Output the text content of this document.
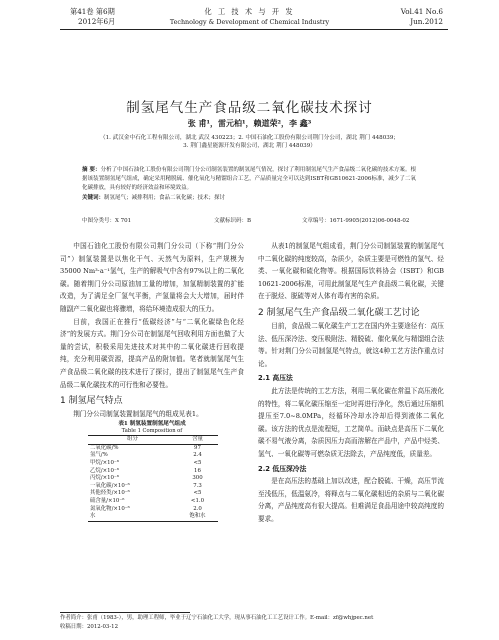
第41卷 第6期
2012年6月
化 工 技 术 与 开 发
Technology & Development of Chemical Industry
Vol.41 No.6
Jun.2012
制氢尾气生产食品级二氧化碳技术探讨
张 甫¹，雷元柏¹，赖道荣²，李 鑫³
（1. 武汉金中石化工程有限公司，湖北 武汉 430223；2. 中国石油化工股份有限公司荆门分公司，湖北 荆门 448039；
3. 荆门鑫星能源开发有限公司，湖北 荆门 448039）
摘 要：分析了中国石油化工股份有限公司荆门分公司制氢装置的制氢尾气情况，探讨了利用制氢尾气生产食品级二氧化碳的技术方案。根据该装置制氢尾气组成，确定采用精脱硫、催化氧化与精馏组合工艺，产品质量完全可以达到ISBT和GB10621-2006标准，减少了二氧化碳排放，具有较好的经济效益和环境效益。
关键词：制氢尾气；减排利用；食品二氧化碳；技术；探讨
中图分类号：X 701	文献标识码：B	文章编号：1671-9905(2012)06-0048-02

中国石油化工股份有限公司荆门分公司（下称“荆门分公司”）制氢装置是以焦化干气、天然气为原料，生产规模为35000 Nm³·a⁻¹氢气，生产的解吸气中含有97%以上的二氧化碳。随着荆门分公司原油加工量的增加，加氢精制装置的扩能改造，为了满足全厂氢气平衡，产氢量将会大大增加，届时伴随副产二氧化碳也将骤增，将给环境造成很大的压力。

目前，我国正在推行“低碳经济”与“二氧化碳绿色化经济”的发展方式。荆门分公司在制氢尾气回收利用方面也做了大量的尝试，积极采用先进技术对其中的二氧化碳进行回收提纯，充分利用碳资源，提高产品的附加值。笔者就制氢尾气生产食品级二氧化碳的技术进行了探讨，提出了制氢尾气生产食品级二氧化碳技术的可行性和必要性。

1 制氢尾气特点

荆门分公司制氢装置制氢尾气的组成见表1。

表1 制氢装置制氢尾气组成
Table 1 Composition of
组分	含量
二氧化碳/%	97
氢气/%	2.4
甲烷/×10⁻⁶	<5
乙烷/×10⁻⁶	16
丙烷/×10⁻⁶	300
一氧化碳/×10⁻⁶	7.3
其他烃类/×10⁻⁶	<5
硫含量/×10⁻⁶	<1.0
氮氧化物/×10⁻⁶	2.0
水	饱和水

从表1的制氢尾气组成看，荆门分公司制氢装置的制氢尾气中二氧化碳的纯度较高，杂质少，杂质主要是可燃性的氢气、烃类、一氧化碳和硫化物等。根据国际饮料协会（ISBT）和GB 10621-2006标准，可用此制氢尾气生产食品级二氧化碳，关键在于脱烃、脱硫等对人体有毒有害的杂质。

2 制氢尾气生产食品级二氧化碳工艺讨论

目前，食品级二氧化碳生产工艺在国内外主要途径有：高压法、低压深冷法、变压吸附法、精脱硫、催化氧化与精馏组合法等。针对荆门分公司制氢尾气特点，就这4种工艺方法作重点讨论。

2.1 高压法

此方法是传统的工艺方法，利用二氧化碳在常温下高压液化的特性，将二氧化碳压缩至一定时再进行净化，然后通过压缩机提压至7.0~8.0MPa，经循环冷却水冷却后得到液体二氧化碳。该方法的优点是流程短，工艺简单。而缺点是高压下二氧化碳不易气液分离，杂质因压力高而溶解在产品中，产品中烃类、氢气、一氧化碳等可燃杂质无法除去，产品纯度低，质量差。

2.2 低压深冷法

是在高压法的基础上加以改进，配合脱硫、干燥，高压节流至浅低压，低温氨冷，将释点与二氧化碳相近的杂质与二氧化碳分离，产品纯度高有很大提高。但难满足食品用途中较高纯度的要求。

作者简介：张甫（1983-），男，助理工程师，毕业于辽宁石油化工大学，现从事石油化工工艺设计工作。E-mail：zf@whjpec.net
收稿日期：2012-03-12
